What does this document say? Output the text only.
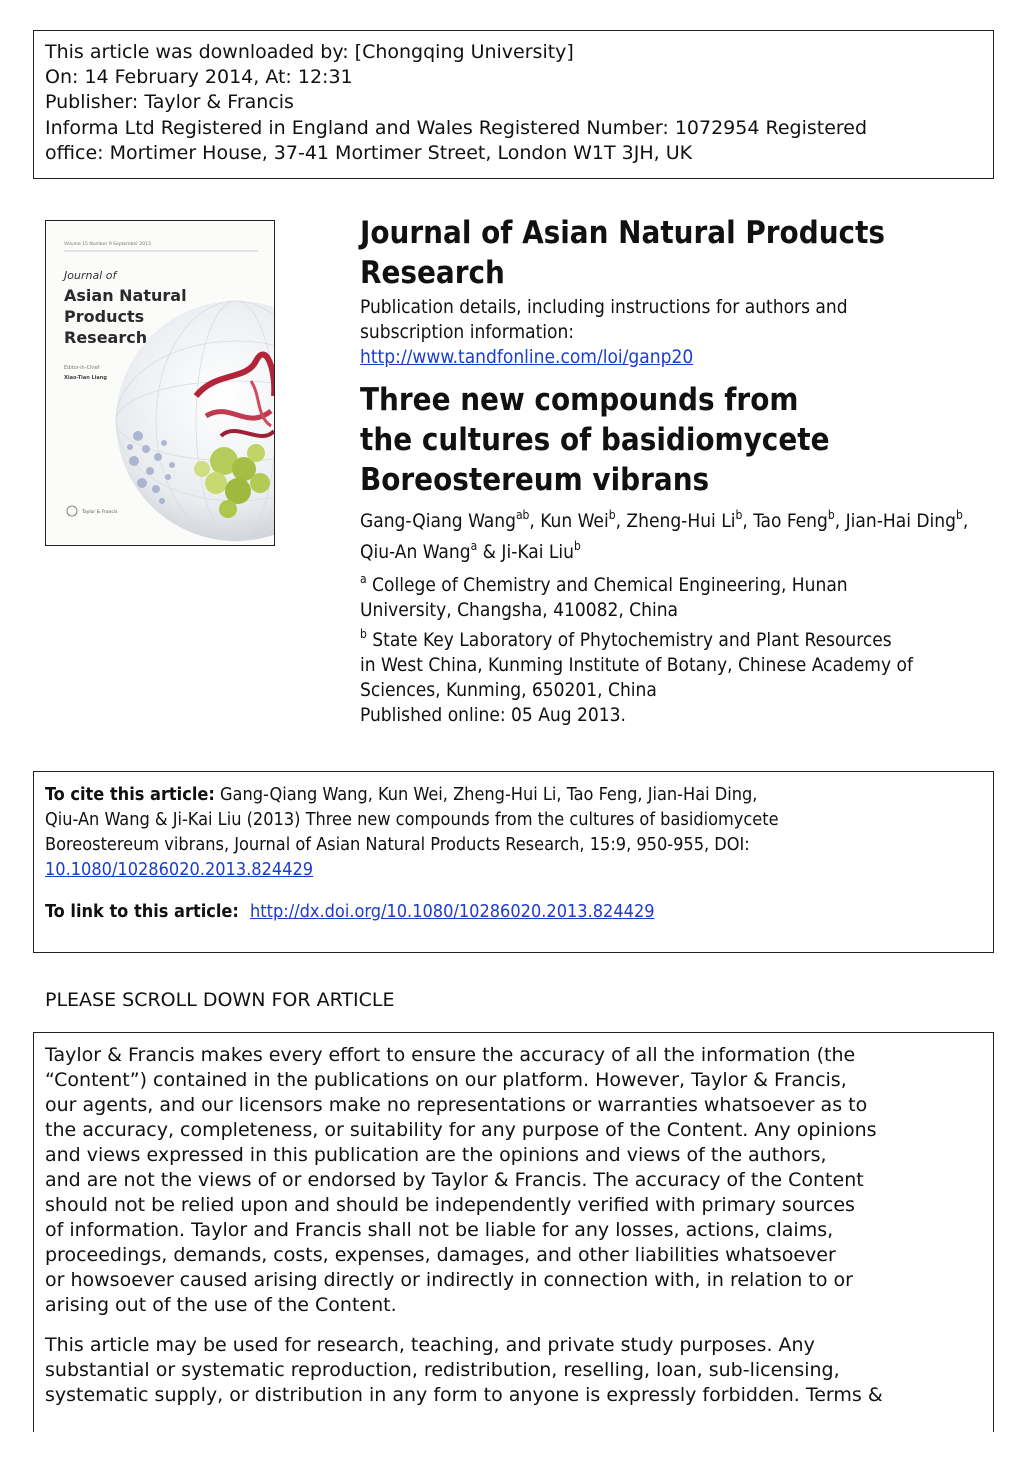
This article was downloaded by: [Chongqing University]
On: 14 February 2014, At: 12:31
Publisher: Taylor & Francis
Informa Ltd Registered in England and Wales Registered Number: 1072954 Registered
office: Mortimer House, 37-41 Mortimer Street, London W1T 3JH, UK
Volume 15 Number 9 September 2013
Journal of
Asian Natural
Products
Research
Editor-in-Chief
Xiao-Tian Liang
Taylor & Francis
Journal of Asian Natural Products
Research
Publication details, including instructions for authors and
subscription information:
http://www.tandfonline.com/loi/ganp20
Three new compounds from
the cultures of basidiomycete
Boreostereum vibrans
Gang-Qiang Wang$^{ab}$, Kun Wei$^b$, Zheng-Hui Li$^b$, Tao Feng$^b$, Jian-Hai Ding$^b$, Qiu-An Wang$^a$ & Ji-Kai Liu$^b$
$^a$ College of Chemistry and Chemical Engineering, Hunan
University, Changsha, 410082, China
$^b$ State Key Laboratory of Phytochemistry and Plant Resources
in West China, Kunming Institute of Botany, Chinese Academy of
Sciences, Kunming, 650201, China
Published online: 05 Aug 2013.
To cite this article: Gang-Qiang Wang, Kun Wei, Zheng-Hui Li, Tao Feng, Jian-Hai Ding,
Qiu-An Wang & Ji-Kai Liu (2013) Three new compounds from the cultures of basidiomycete
Boreostereum vibrans, Journal of Asian Natural Products Research, 15:9, 950-955, DOI:
10.1080/10286020.2013.824429
To link to this article: http://dx.doi.org/10.1080/10286020.2013.824429
PLEASE SCROLL DOWN FOR ARTICLE

Taylor & Francis makes every effort to ensure the accuracy of all the information (the
“Content”) contained in the publications on our platform. However, Taylor & Francis,
our agents, and our licensors make no representations or warranties whatsoever as to
the accuracy, completeness, or suitability for any purpose of the Content. Any opinions
and views expressed in this publication are the opinions and views of the authors,
and are not the views of or endorsed by Taylor & Francis. The accuracy of the Content
should not be relied upon and should be independently verified with primary sources
of information. Taylor and Francis shall not be liable for any losses, actions, claims,
proceedings, demands, costs, expenses, damages, and other liabilities whatsoever
or howsoever caused arising directly or indirectly in connection with, in relation to or
arising out of the use of the Content.

This article may be used for research, teaching, and private study purposes. Any
substantial or systematic reproduction, redistribution, reselling, loan, sub-licensing,
systematic supply, or distribution in any form to anyone is expressly forbidden. Terms &
